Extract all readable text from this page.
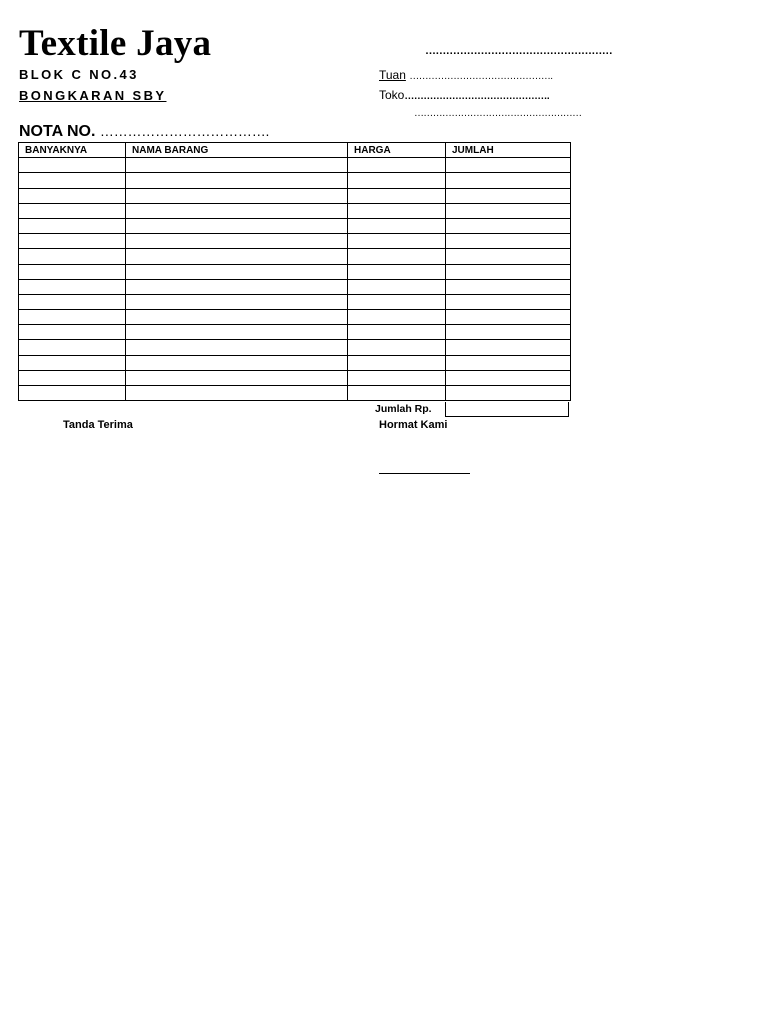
Textile Jaya
BLOK C NO.43
BONGKARAN SBY
………………………………………………
Tuan ……………………………………….
Toko……………………………………….
………………………………………………
NOTA NO. ……………………………….
BANYAKNYA	NAMA BARANG	HARGA	JUMLAH

Jumlah Rp.
Tanda Terima	Hormat Kami
